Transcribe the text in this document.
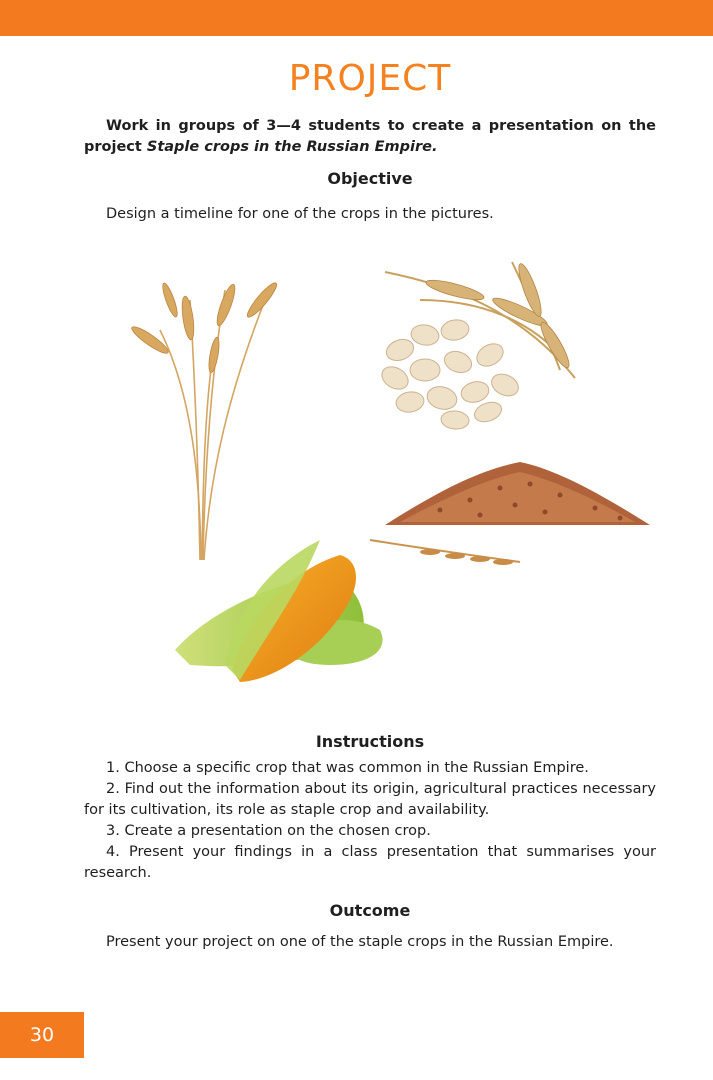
PROJECT
Work in groups of 3—4 students to create a presentation on the project Staple crops in the Russian Empire.
Objective
Design a timeline for one of the crops in the pictures.
Instructions

1. Choose a specific crop that was common in the Russian Empire.

2. Find out the information about its origin, agricultural practices necessary for its cultivation, its role as staple crop and availability.

3. Create a presentation on the chosen crop.

4. Present your findings in a class presentation that summarises your research.

Outcome
Present your project on one of the staple crops in the Russian Empire.
30
